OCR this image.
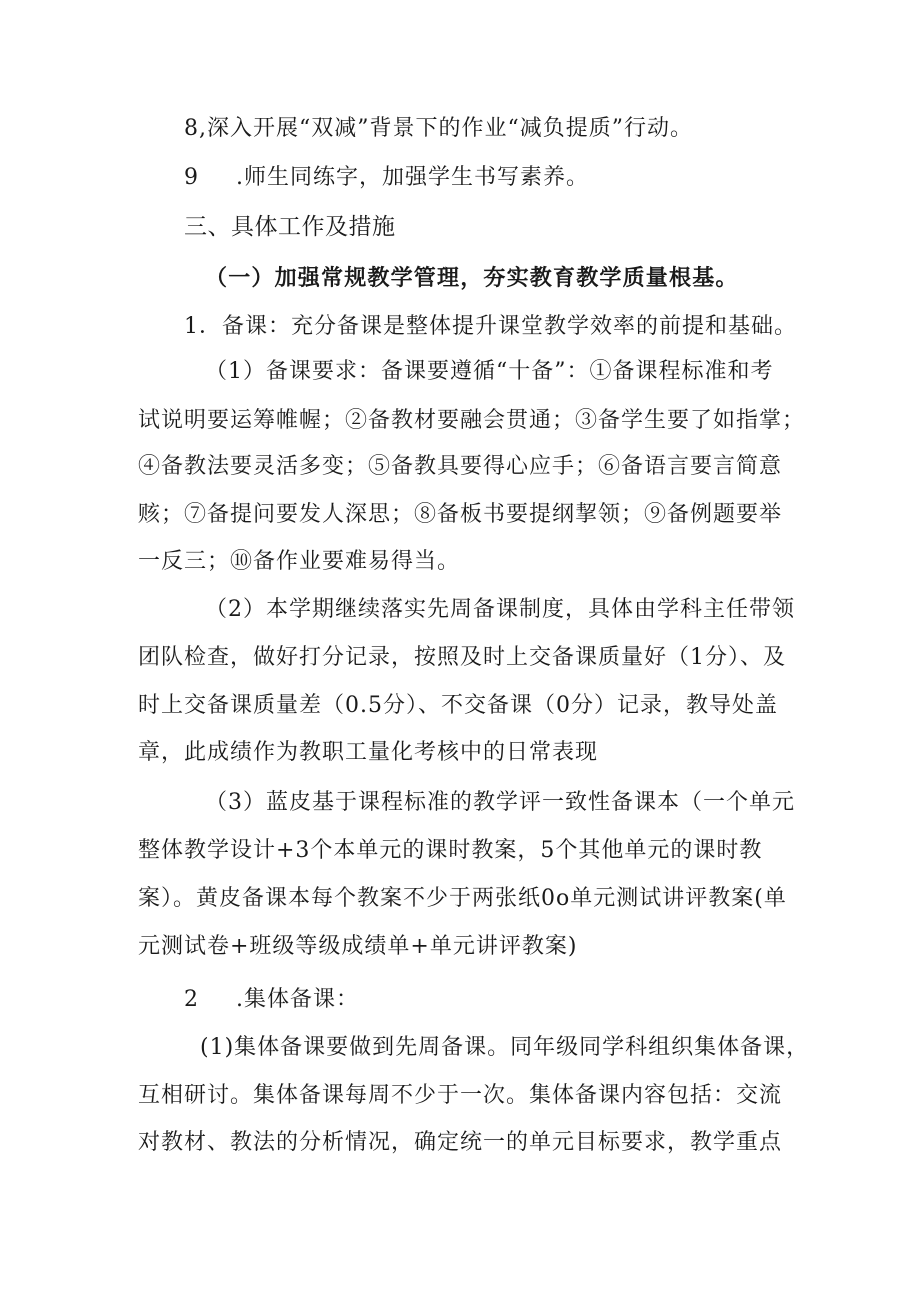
8,深入开展“双减”背景下的作业“减负提质”行动。
9 .师生同练字，加强学生书写素养。
三、具体工作及措施
（一）加强常规教学管理，夯实教育教学质量根基。
1．备课：充分备课是整体提升课堂教学效率的前提和基础。
（1）备课要求：备课要遵循“十备”：①备课程标准和考
试说明要运筹帷幄；②备教材要融会贯通；③备学生要了如指掌；
④备教法要灵活多变；⑤备教具要得心应手；⑥备语言要言简意
赅；⑦备提问要发人深思；⑧备板书要提纲挈领；⑨备例题要举
一反三；⑩备作业要难易得当。
（2）本学期继续落实先周备课制度，具体由学科主任带领
团队检查，做好打分记录，按照及时上交备课质量好（1分）、及
时上交备课质量差（0.5分）、不交备课（0分）记录，教导处盖
章，此成绩作为教职工量化考核中的日常表现
（3）蓝皮基于课程标准的教学评一致性备课本（一个单元
整体教学设计+3个本单元的课时教案，5个其他单元的课时教
案）。黄皮备课本每个教案不少于两张纸0o单元测试讲评教案(单
元测试卷+班级等级成绩单+单元讲评教案)
2 .集体备课：
(1)集体备课要做到先周备课。同年级同学科组织集体备课，
互相研讨。集体备课每周不少于一次。集体备课内容包括：交流
对教材、教法的分析情况，确定统一的单元目标要求，教学重点
